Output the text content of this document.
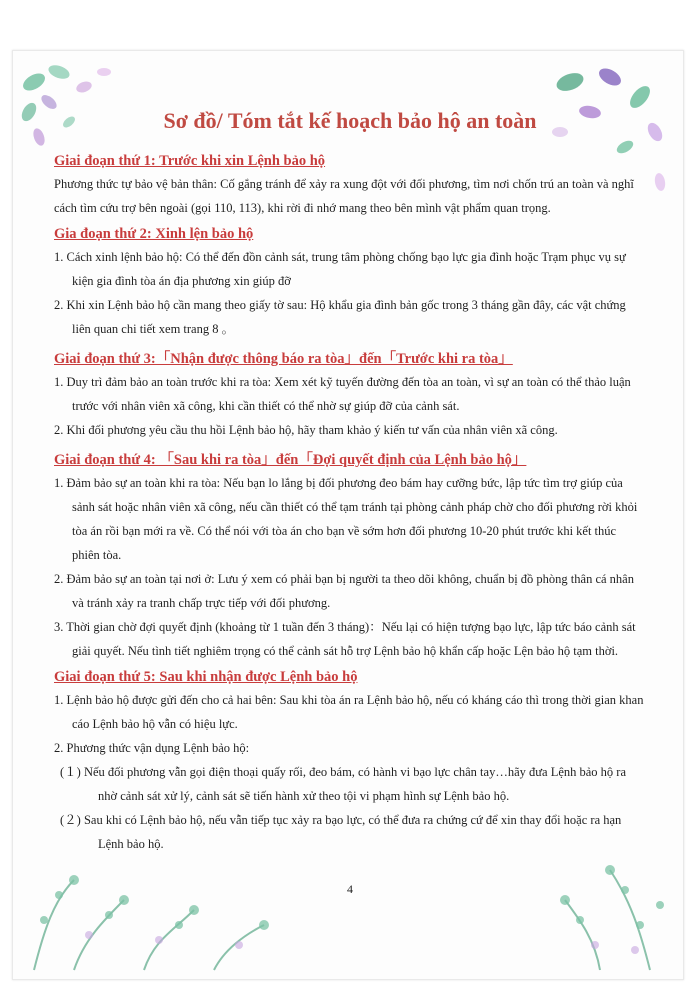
Sơ đồ/ Tóm tắt kế hoạch bảo hộ an toàn
Giai đoạn thứ 1: Trước khi xin Lệnh bảo hộ

Phương thức tự bảo vệ bản thân: Cố gắng tránh để xảy ra xung đột với đối phương, tìm nơi chốn trú an toàn và nghĩ cách tìm cứu trợ bên ngoài (gọi 110, 113), khi rời đi nhớ mang theo bên mình vật phẩm quan trọng.

Gia đoạn thứ 2: Xinh lện bảo hộ
1. Cách xinh lệnh bảo hộ: Có thể đến đồn cảnh sát, trung tâm phòng chống bạo lực gia đình hoặc Trạm phục vụ sự kiện gia đình tòa án địa phương xin giúp đỡ
2. Khi xin Lệnh bảo hộ cần mang theo giấy tờ sau: Hộ khẩu gia đình bản gốc trong 3 tháng gần đây, các vật chứng liên quan chi tiết xem trang 8 。
Giai đoạn thứ 3:「Nhận được thông báo ra tòa」đến「Trước khi ra tòa」
1. Duy trì đảm bảo an toàn trước khi ra tòa: Xem xét kỹ tuyến đường đến tòa an toàn, vì sự an toàn có thể thảo luận trước với nhân viên xã công, khi cần thiết có thể nhờ sự giúp đỡ của cảnh sát.
2. Khi đối phương yêu cầu thu hồi Lệnh bảo hộ, hãy tham khảo ý kiến tư vấn của nhân viên xã công.
Giai đoạn thứ 4: 「Sau khi ra tòa」đến「Đợi quyết định của Lệnh bảo hộ」
1. Đảm bảo sự an toàn khi ra tòa: Nếu bạn lo lắng bị đối phương đeo bám hay cưỡng bức, lập tức tìm trợ giúp của sảnh sát hoặc nhân viên xã công, nếu cần thiết có thể tạm tránh tại phòng cảnh pháp chờ cho đối phương rời khỏi tòa án rồi bạn mới ra về. Có thể nói với tòa án cho bạn về sớm hơn đối phương 10-20 phút trước khi kết thúc phiên tòa.
2. Đảm bảo sự an toàn tại nơi ở: Lưu ý xem có phải bạn bị người ta theo dõi không, chuẩn bị đồ phòng thân cá nhân và tránh xảy ra tranh chấp trực tiếp với đối phương.
3. Thời gian chờ đợi quyết định (khoảng từ 1 tuần đến 3 tháng)：Nếu lại có hiện tượng bạo lực, lập tức báo cảnh sát giải quyết. Nếu tình tiết nghiêm trọng có thể cảnh sát hỗ trợ Lệnh bảo hộ khẩn cấp hoặc Lện bảo hộ tạm thời.
Giai đoạn thứ 5: Sau khi nhận được Lệnh bảo hộ
1. Lệnh bảo hộ được gửi đến cho cả hai bên: Sau khi tòa án ra Lệnh bảo hộ, nếu có kháng cáo thì trong thời gian khan cáo Lệnh bảo hộ vẫn có hiệu lực.
2. Phương thức vận dụng Lệnh bảo hộ:
(１) Nếu đối phương vẫn gọi điện thoại quấy rối, đeo bám, có hành vi bạo lực chân tay…hãy đưa Lệnh bảo hộ ra nhờ cảnh sát xử lý, cảnh sát sẽ tiến hành xử theo tội vi phạm hình sự Lệnh bảo hộ.
(２) Sau khi có Lệnh bảo hộ, nếu vẫn tiếp tục xảy ra bạo lực, có thể đưa ra chứng cứ để xin thay đổi hoặc ra hạn Lệnh bảo hộ.

4
